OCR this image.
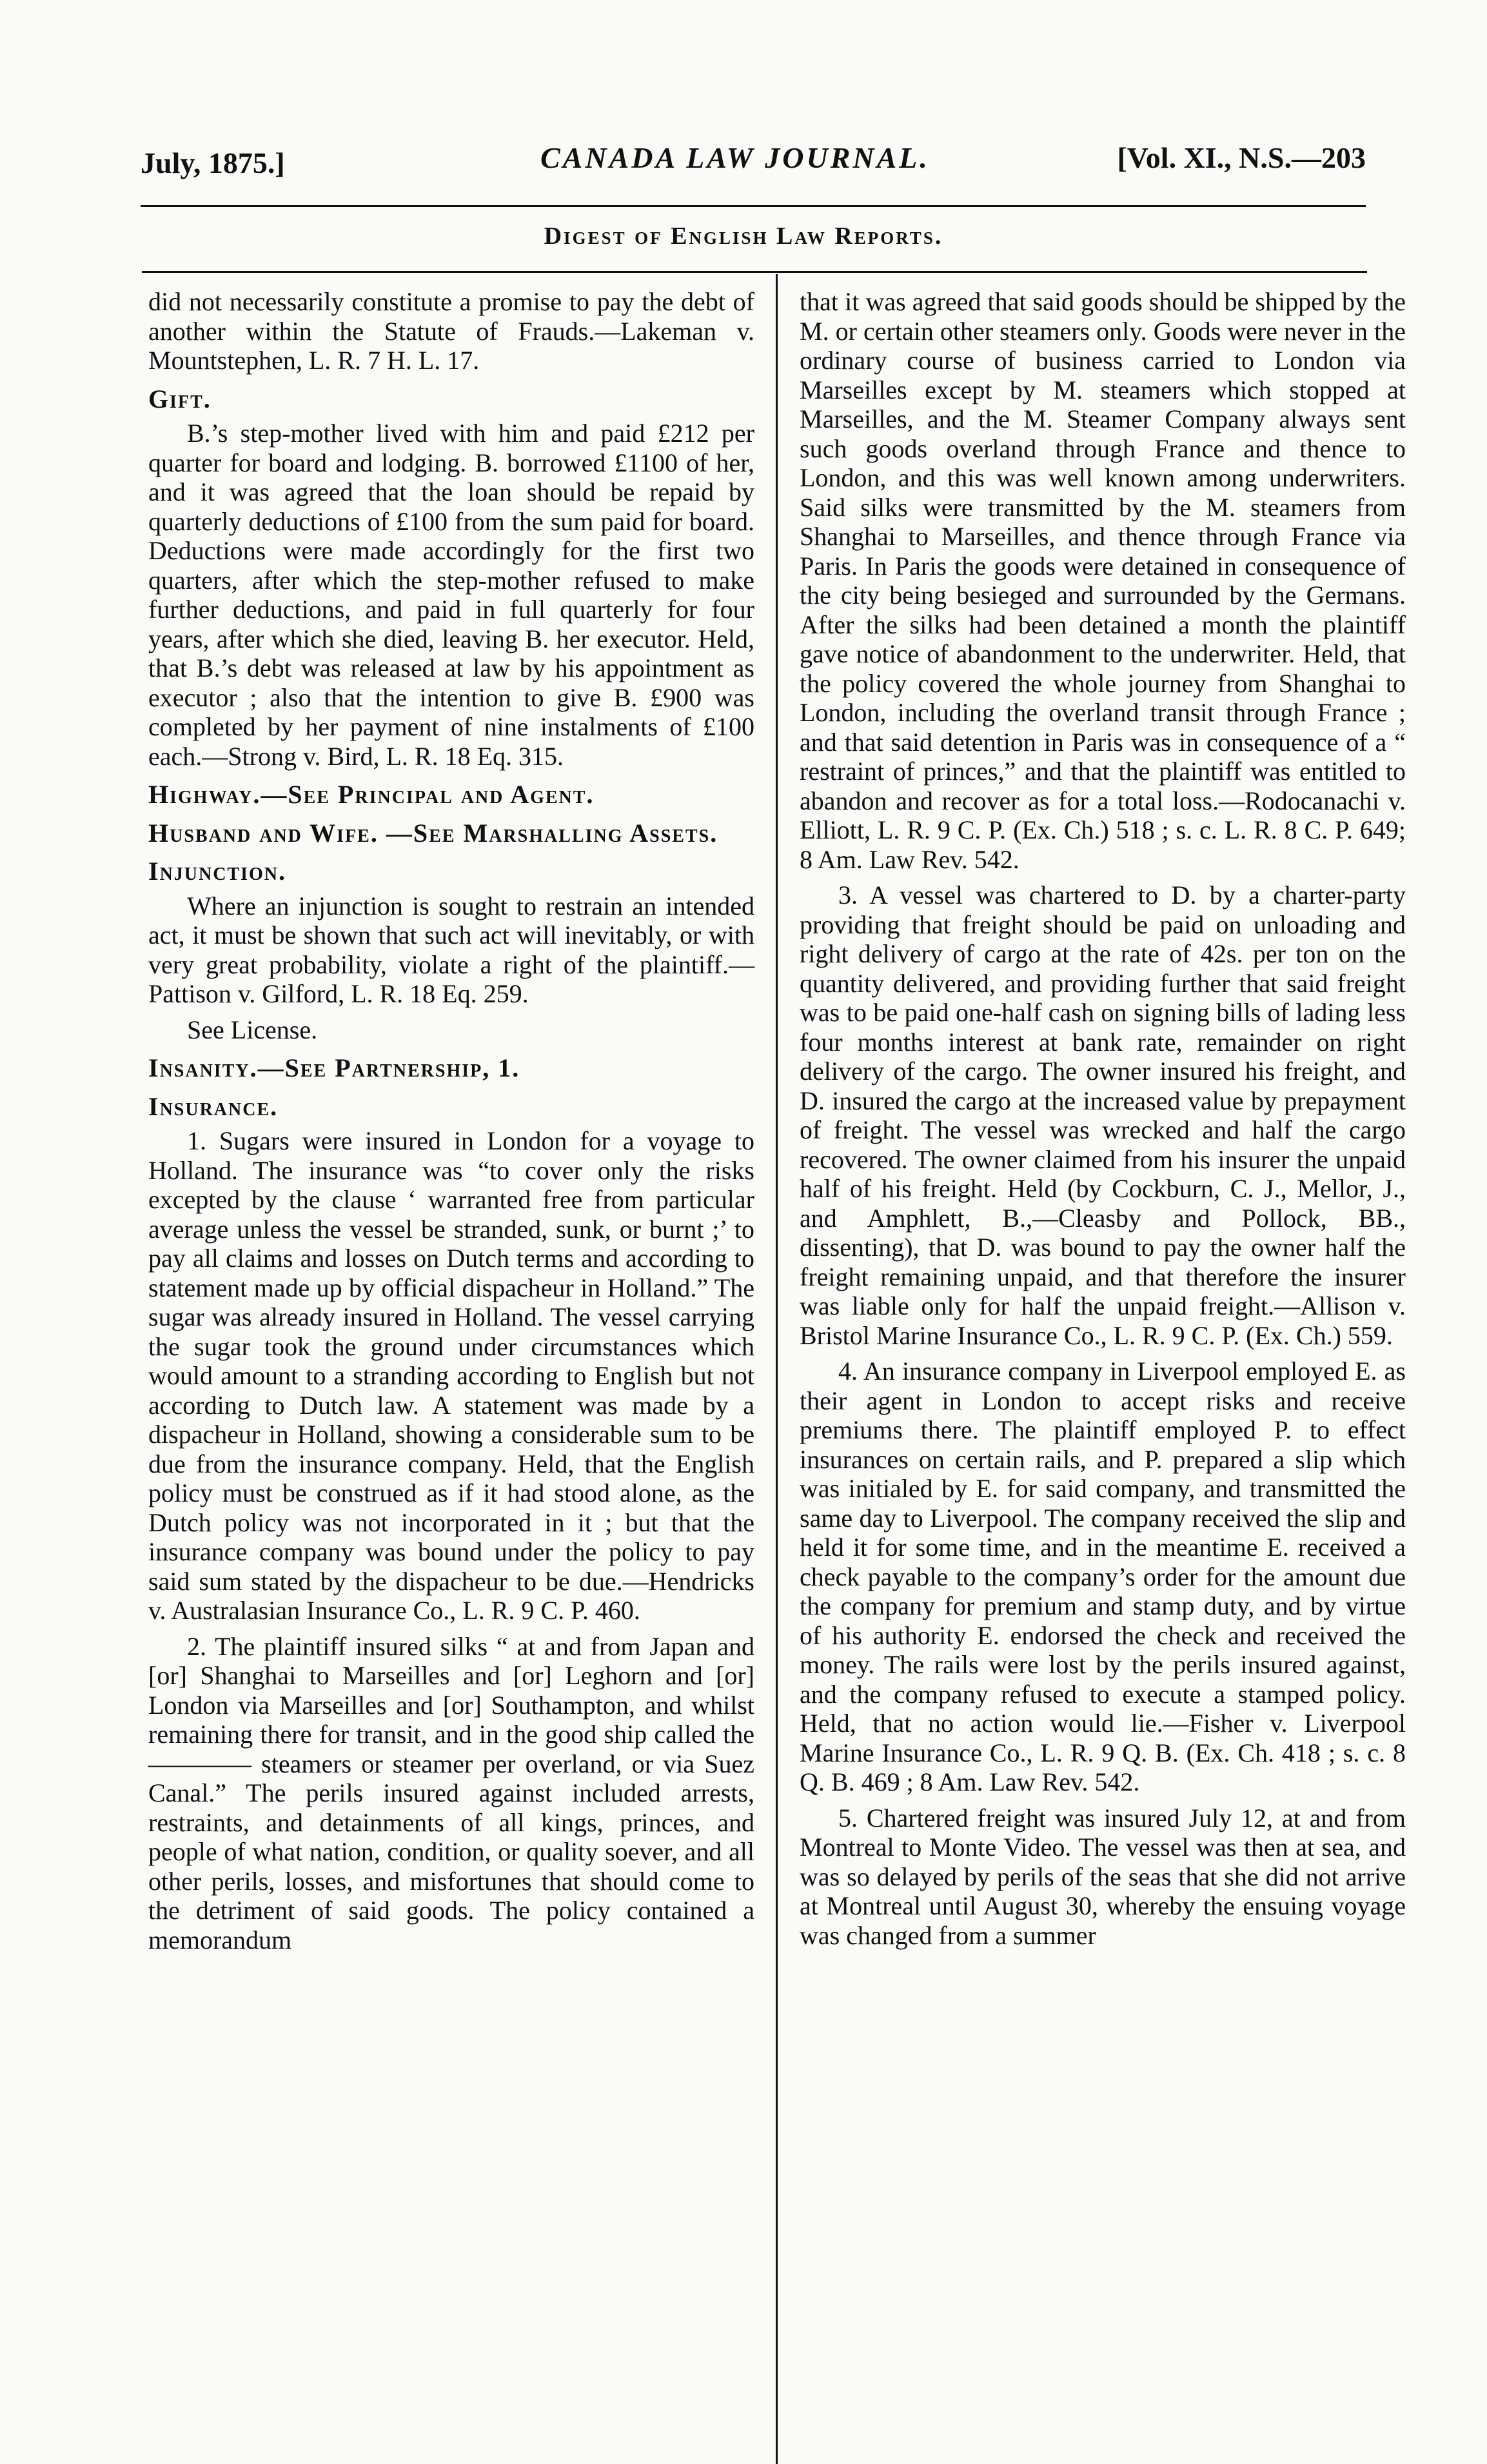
July, 1875.]	CANADA LAW JOURNAL.	[Vol. XI., N.S.—203
Digest of English Law Reports.

did not necessarily constitute a promise to pay the debt of another within the Statute of Frauds.—Lakeman v. Mountstephen, L. R. 7 H. L. 17.

Gift.

B.’s step-mother lived with him and paid £212 per quarter for board and lodging. B. borrowed £1100 of her, and it was agreed that the loan should be repaid by quarterly deductions of £100 from the sum paid for board. Deductions were made accordingly for the first two quarters, after which the step-mother refused to make further deductions, and paid in full quarterly for four years, after which she died, leaving B. her executor. Held, that B.’s debt was released at law by his appointment as executor ; also that the intention to give B. £900 was completed by her payment of nine instalments of £100 each.—Strong v. Bird, L. R. 18 Eq. 315.

Highway.—See Principal and Agent.

Husband and Wife. —See Marshalling Assets.

Injunction.

Where an injunction is sought to restrain an intended act, it must be shown that such act will inevitably, or with very great probability, violate a right of the plaintiff.—Pattison v. Gilford, L. R. 18 Eq. 259.

See License.

Insanity.—See Partnership, 1.

Insurance.

1. Sugars were insured in London for a voyage to Holland. The insurance was “to cover only the risks excepted by the clause ‘ warranted free from particular average unless the vessel be stranded, sunk, or burnt ;’ to pay all claims and losses on Dutch terms and according to statement made up by official dispacheur in Holland.” The sugar was already insured in Holland. The vessel carrying the sugar took the ground under circumstances which would amount to a stranding according to English but not according to Dutch law. A statement was made by a dispacheur in Holland, showing a considerable sum to be due from the insurance company. Held, that the English policy must be construed as if it had stood alone, as the Dutch policy was not incorporated in it ; but that the insurance company was bound under the policy to pay said sum stated by the dispacheur to be due.—Hendricks v. Australasian Insurance Co., L. R. 9 C. P. 460.

2. The plaintiff insured silks “ at and from Japan and [or] Shanghai to Marseilles and [or] Leghorn and [or] London via Marseilles and [or] Southampton, and whilst remaining there for transit, and in the good ship called the ———— steamers or steamer per overland, or via Suez Canal.” The perils insured against included arrests, restraints, and detainments of all kings, princes, and people of what nation, condition, or quality soever, and all other perils, losses, and misfortunes that should come to the detriment of said goods. The policy contained a memorandum

that it was agreed that said goods should be shipped by the M. or certain other steamers only. Goods were never in the ordinary course of business carried to London via Marseilles except by M. steamers which stopped at Marseilles, and the M. Steamer Company always sent such goods overland through France and thence to London, and this was well known among underwriters. Said silks were transmitted by the M. steamers from Shanghai to Marseilles, and thence through France via Paris. In Paris the goods were detained in consequence of the city being besieged and surrounded by the Germans. After the silks had been detained a month the plaintiff gave notice of abandonment to the underwriter. Held, that the policy covered the whole journey from Shanghai to London, including the overland transit through France ; and that said detention in Paris was in consequence of a “ restraint of princes,” and that the plaintiff was entitled to abandon and recover as for a total loss.—Rodocanachi v. Elliott, L. R. 9 C. P. (Ex. Ch.) 518 ; s. c. L. R. 8 C. P. 649; 8 Am. Law Rev. 542.

3. A vessel was chartered to D. by a charter-party providing that freight should be paid on unloading and right delivery of cargo at the rate of 42s. per ton on the quantity delivered, and providing further that said freight was to be paid one-half cash on signing bills of lading less four months interest at bank rate, remainder on right delivery of the cargo. The owner insured his freight, and D. insured the cargo at the increased value by prepayment of freight. The vessel was wrecked and half the cargo recovered. The owner claimed from his insurer the unpaid half of his freight. Held (by Cockburn, C. J., Mellor, J., and Amphlett, B.,—Cleasby and Pollock, BB., dissenting), that D. was bound to pay the owner half the freight remaining unpaid, and that therefore the insurer was liable only for half the unpaid freight.—Allison v. Bristol Marine Insurance Co., L. R. 9 C. P. (Ex. Ch.) 559.

4. An insurance company in Liverpool employed E. as their agent in London to accept risks and receive premiums there. The plaintiff employed P. to effect insurances on certain rails, and P. prepared a slip which was initialed by E. for said company, and transmitted the same day to Liverpool. The company received the slip and held it for some time, and in the meantime E. received a check payable to the company’s order for the amount due the company for premium and stamp duty, and by virtue of his authority E. endorsed the check and received the money. The rails were lost by the perils insured against, and the company refused to execute a stamped policy. Held, that no action would lie.—Fisher v. Liverpool Marine Insurance Co., L. R. 9 Q. B. (Ex. Ch. 418 ; s. c. 8 Q. B. 469 ; 8 Am. Law Rev. 542.

5. Chartered freight was insured July 12, at and from Montreal to Monte Video. The vessel was then at sea, and was so delayed by perils of the seas that she did not arrive at Montreal until August 30, whereby the ensuing voyage was changed from a summer
